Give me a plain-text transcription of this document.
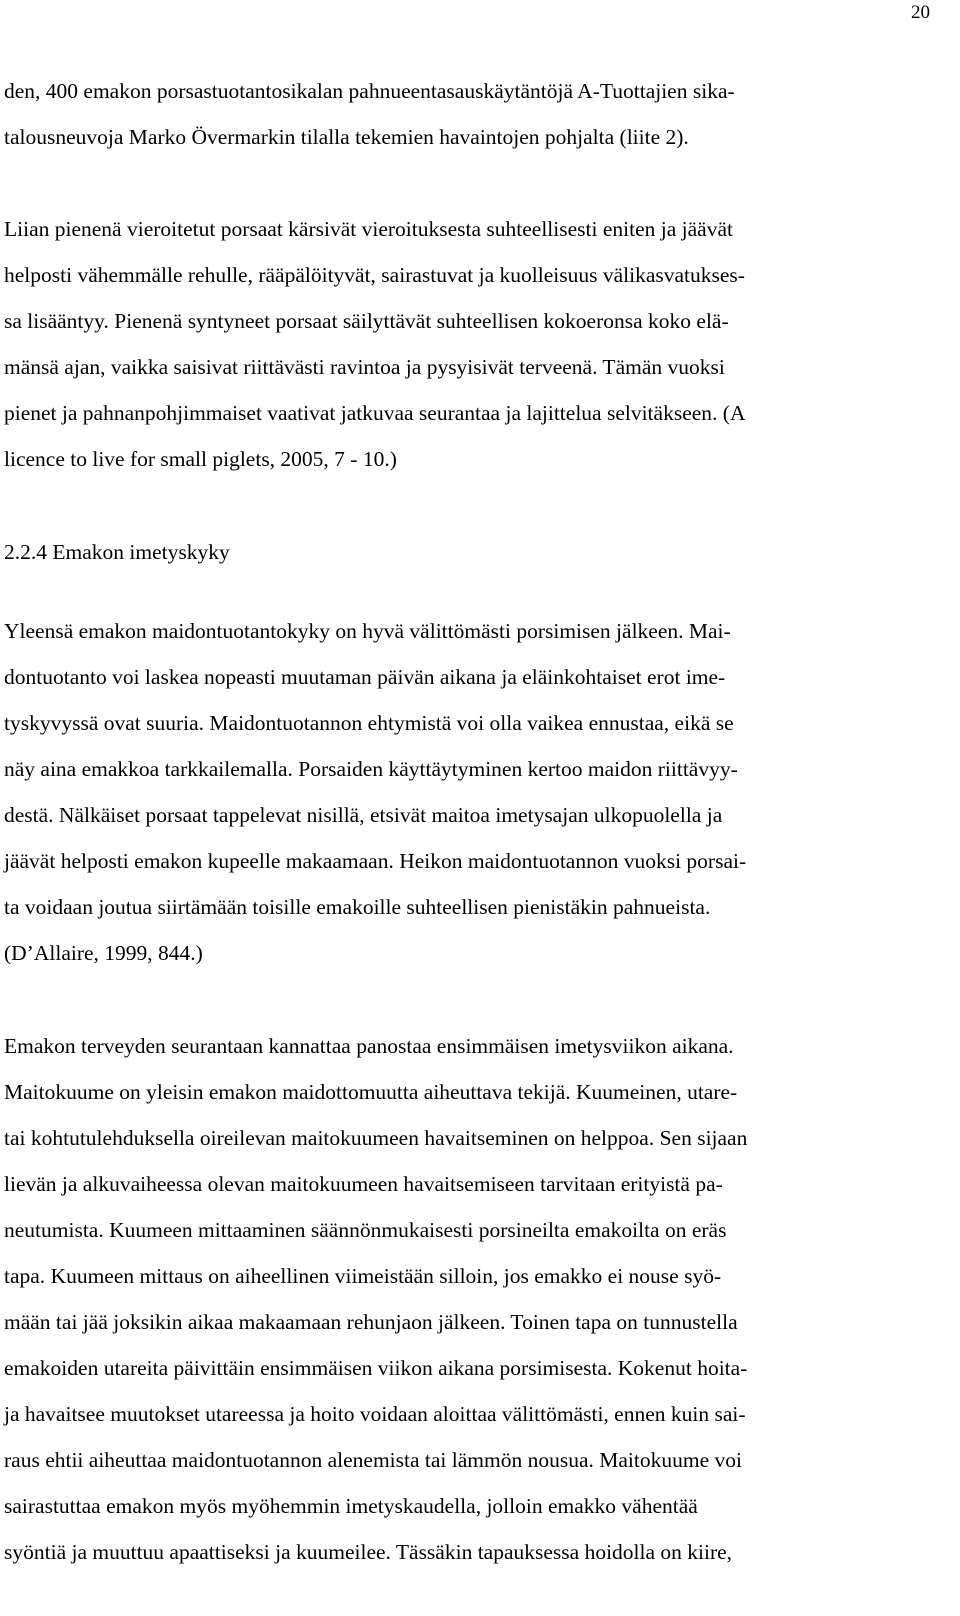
20
den, 400 emakon porsastuotantosikalan pahnueentasauskäytäntöjä A-Tuottajien sika-
talousneuvoja Marko Övermarkin tilalla tekemien havaintojen pohjalta (liite 2).
Liian pienenä vieroitetut porsaat kärsivät vieroituksesta suhteellisesti eniten ja jäävät
helposti vähemmälle rehulle, rääpälöityvät, sairastuvat ja kuolleisuus välikasvatukses-
sa lisääntyy. Pienenä syntyneet porsaat säilyttävät suhteellisen kokoeronsa koko elä-
mänsä ajan, vaikka saisivat riittävästi ravintoa ja pysyisivät terveenä. Tämän vuoksi
pienet ja pahnanpohjimmaiset vaativat jatkuvaa seurantaa ja lajittelua selvitäkseen. (A
licence to live for small piglets, 2005, 7 - 10.)
2.2.4 Emakon imetyskyky
Yleensä emakon maidontuotantokyky on hyvä välittömästi porsimisen jälkeen. Mai-
dontuotanto voi laskea nopeasti muutaman päivän aikana ja eläinkohtaiset erot ime-
tyskyvyssä ovat suuria. Maidontuotannon ehtymistä voi olla vaikea ennustaa, eikä se
näy aina emakkoa tarkkailemalla. Porsaiden käyttäytyminen kertoo maidon riittävyy-
destä. Nälkäiset porsaat tappelevat nisillä, etsivät maitoa imetysajan ulkopuolella ja
jäävät helposti emakon kupeelle makaamaan. Heikon maidontuotannon vuoksi porsai-
ta voidaan joutua siirtämään toisille emakoille suhteellisen pienistäkin pahnueista.
(D’Allaire, 1999, 844.)
Emakon terveyden seurantaan kannattaa panostaa ensimmäisen imetysviikon aikana.
Maitokuume on yleisin emakon maidottomuutta aiheuttava tekijä. Kuumeinen, utare-
tai kohtutulehduksella oireilevan maitokuumeen havaitseminen on helppoa. Sen sijaan
lievän ja alkuvaiheessa olevan maitokuumeen havaitsemiseen tarvitaan erityistä pa-
neutumista. Kuumeen mittaaminen säännönmukaisesti porsineilta emakoilta on eräs
tapa. Kuumeen mittaus on aiheellinen viimeistään silloin, jos emakko ei nouse syö-
mään tai jää joksikin aikaa makaamaan rehunjaon jälkeen. Toinen tapa on tunnustella
emakoiden utareita päivittäin ensimmäisen viikon aikana porsimisesta. Kokenut hoita-
ja havaitsee muutokset utareessa ja hoito voidaan aloittaa välittömästi, ennen kuin sai-
raus ehtii aiheuttaa maidontuotannon alenemista tai lämmön nousua. Maitokuume voi
sairastuttaa emakon myös myöhemmin imetyskaudella, jolloin emakko vähentää
syöntiä ja muuttuu apaattiseksi ja kuumeilee. Tässäkin tapauksessa hoidolla on kiire,
